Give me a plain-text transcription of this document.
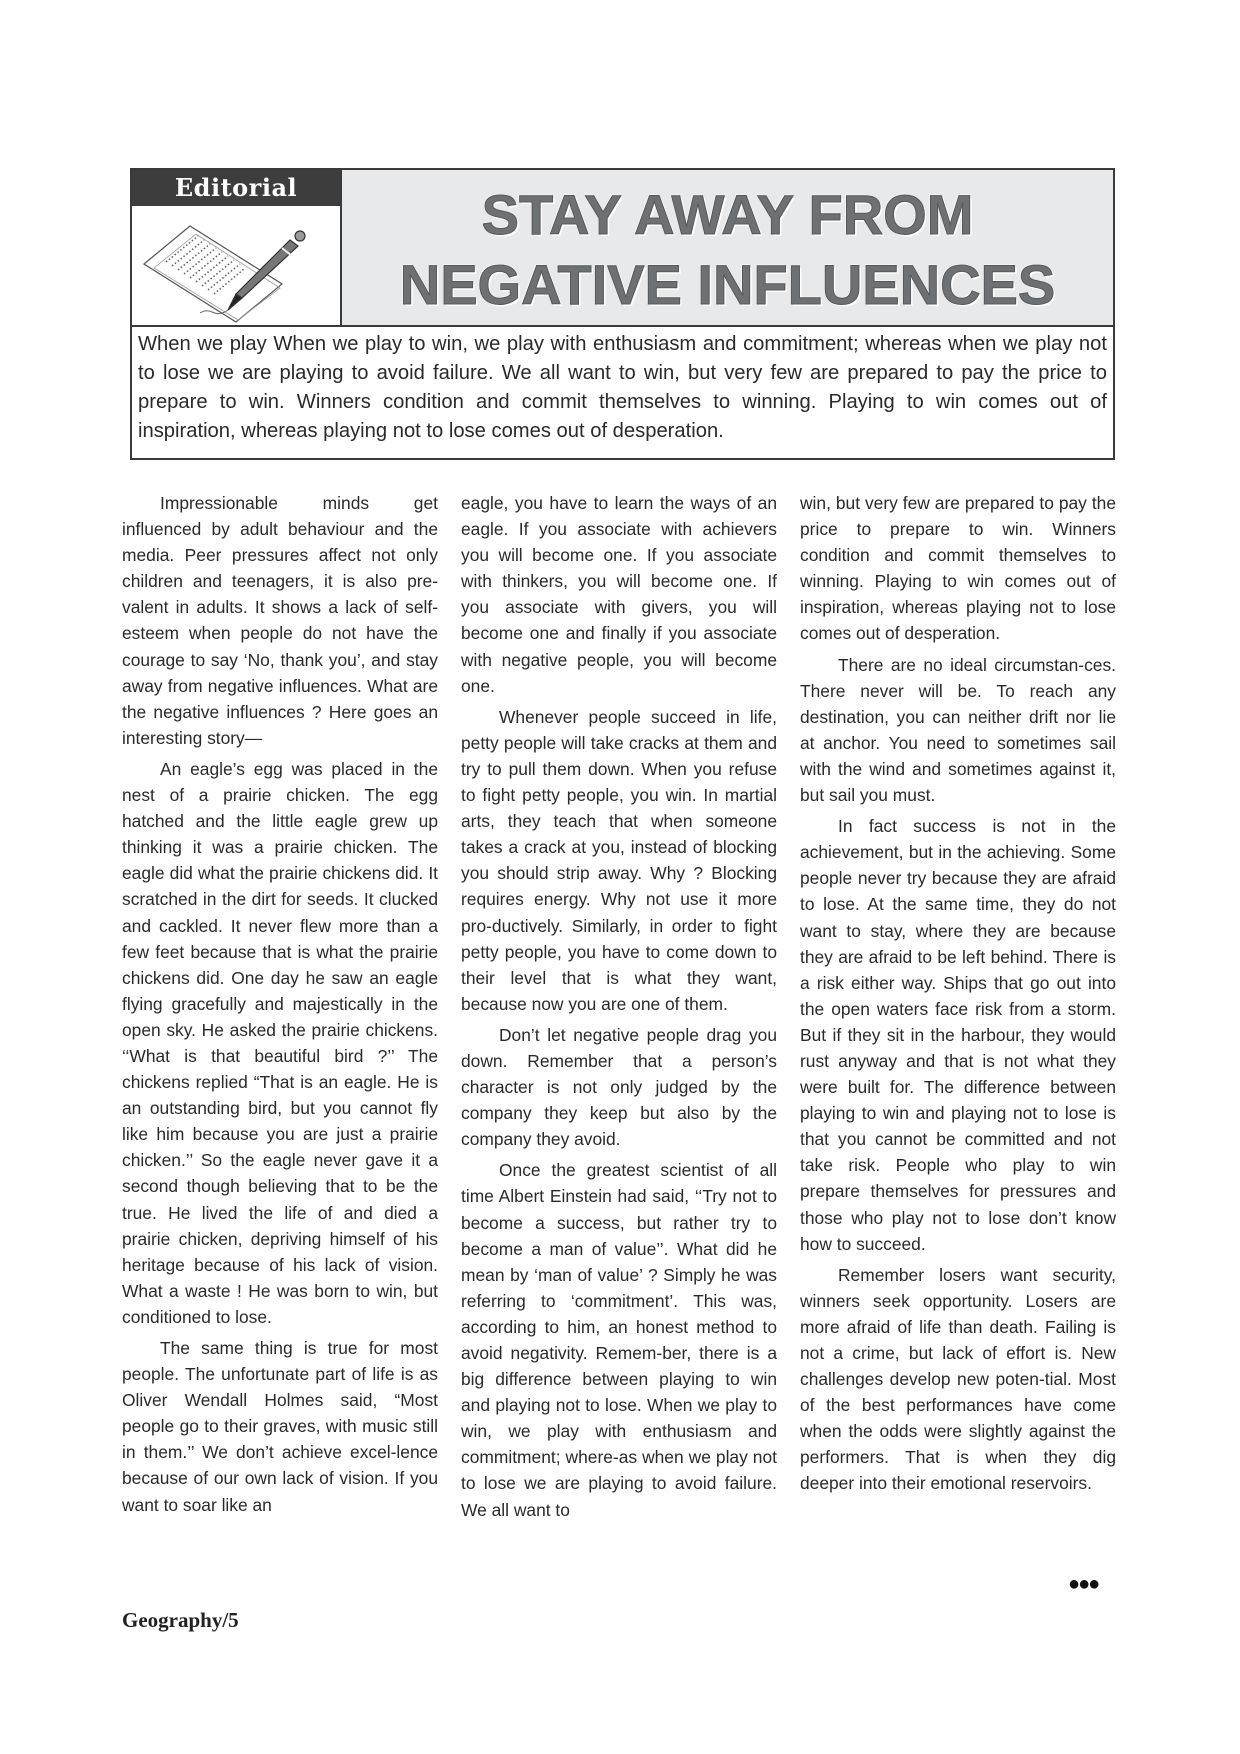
Editorial	STAY AWAY FROM
NEGATIVE INFLUENCES
When we play When we play to win, we play with enthusiasm and commitment; whereas when we play not to lose we are playing to avoid failure. We all want to win, but very few are prepared to pay the price to prepare to win. Winners condition and commit themselves to winning. Playing to win comes out of inspiration, whereas playing not to lose comes out of desperation.

Impressionable minds get influenced by adult behaviour and the media. Peer pressures affect not only children and teenagers, it is also pre-valent in adults. It shows a lack of self-esteem when people do not have the courage to say ‘No, thank you’, and stay away from negative influences. What are the negative influences ? Here goes an interesting story—

An eagle’s egg was placed in the nest of a prairie chicken. The egg hatched and the little eagle grew up thinking it was a prairie chicken. The eagle did what the prairie chickens did. It scratched in the dirt for seeds. It clucked and cackled. It never flew more than a few feet because that is what the prairie chickens did. One day he saw an eagle flying gracefully and majestically in the open sky. He asked the prairie chickens. ‘‘What is that beautiful bird ?’’ The chickens replied “That is an eagle. He is an outstanding bird, but you cannot fly like him because you are just a prairie chicken.’’ So the eagle never gave it a second though believing that to be the true. He lived the life of and died a prairie chicken, depriving himself of his heritage because of his lack of vision. What a waste ! He was born to win, but conditioned to lose.

The same thing is true for most people. The unfortunate part of life is as Oliver Wendall Holmes said, “Most people go to their graves, with music still in them.’’ We don’t achieve excel-lence because of our own lack of vision. If you want to soar like an

eagle, you have to learn the ways of an eagle. If you associate with achievers you will become one. If you associate with thinkers, you will become one. If you associate with givers, you will become one and finally if you associate with negative people, you will become one.

Whenever people succeed in life, petty people will take cracks at them and try to pull them down. When you refuse to fight petty people, you win. In martial arts, they teach that when someone takes a crack at you, instead of blocking you should strip away. Why ? Blocking requires energy. Why not use it more pro-ductively. Similarly, in order to fight petty people, you have to come down to their level that is what they want, because now you are one of them.

Don’t let negative people drag you down. Remember that a person’s character is not only judged by the company they keep but also by the company they avoid.

Once the greatest scientist of all time Albert Einstein had said, ‘‘Try not to become a success, but rather try to become a man of value’’. What did he mean by ‘man of value’ ? Simply he was referring to ‘commitment’. This was, according to him, an honest method to avoid negativity. Remem-ber, there is a big difference between playing to win and playing not to lose. When we play to win, we play with enthusiasm and commitment; where-as when we play not to lose we are playing to avoid failure. We all want to

win, but very few are prepared to pay the price to prepare to win. Winners condition and commit themselves to winning. Playing to win comes out of inspiration, whereas playing not to lose comes out of desperation.

There are no ideal circumstan-ces. There never will be. To reach any destination, you can neither drift nor lie at anchor. You need to sometimes sail with the wind and sometimes against it, but sail you must.

In fact success is not in the achievement, but in the achieving. Some people never try because they are afraid to lose. At the same time, they do not want to stay, where they are because they are afraid to be left behind. There is a risk either way. Ships that go out into the open waters face risk from a storm. But if they sit in the harbour, they would rust anyway and that is not what they were built for. The difference between playing to win and playing not to lose is that you cannot be committed and not take risk. People who play to win prepare themselves for pressures and those who play not to lose don’t know how to succeed.

Remember losers want security, winners seek opportunity. Losers are more afraid of life than death. Failing is not a crime, but lack of effort is. New challenges develop new poten-tial. Most of the best performances have come when the odds were slightly against the performers. That is when they dig deeper into their emotional reservoirs.

●●●
Geography/5
